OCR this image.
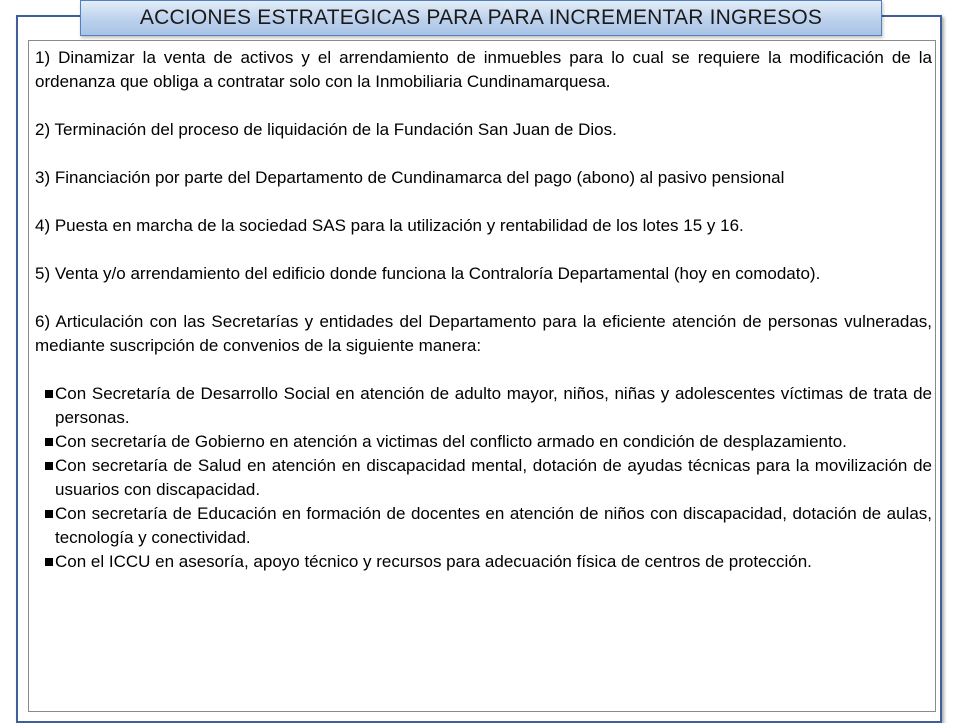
ACCIONES ESTRATEGICAS PARA PARA INCREMENTAR INGRESOS

1) Dinamizar la venta de activos y el arrendamiento de inmuebles para lo cual se requiere la modificación de la ordenanza que obliga a contratar solo con la Inmobiliaria Cundinamarquesa.

2) Terminación del proceso de liquidación de la Fundación San Juan de Dios.

3) Financiación por parte del Departamento de Cundinamarca del pago (abono) al pasivo pensional

4) Puesta en marcha de la sociedad SAS para la utilización y rentabilidad de los lotes 15 y 16.

5) Venta y/o arrendamiento del edificio donde funciona la Contraloría Departamental (hoy en comodato).

6) Articulación con las Secretarías y entidades del Departamento para la eficiente atención de personas vulneradas, mediante suscripción de convenios de la siguiente manera:

Con Secretaría de Desarrollo Social en atención de adulto mayor, niños, niñas y adolescentes víctimas de trata de personas.
Con secretaría de Gobierno en atención a victimas del conflicto armado en condición de desplazamiento.
Con secretaría de Salud en atención en discapacidad mental, dotación de ayudas técnicas para la movilización de usuarios con discapacidad.
Con secretaría de Educación en formación de docentes en atención de niños con discapacidad, dotación de aulas, tecnología y conectividad.
Con el ICCU en asesoría, apoyo técnico y recursos para adecuación física de centros de protección.
